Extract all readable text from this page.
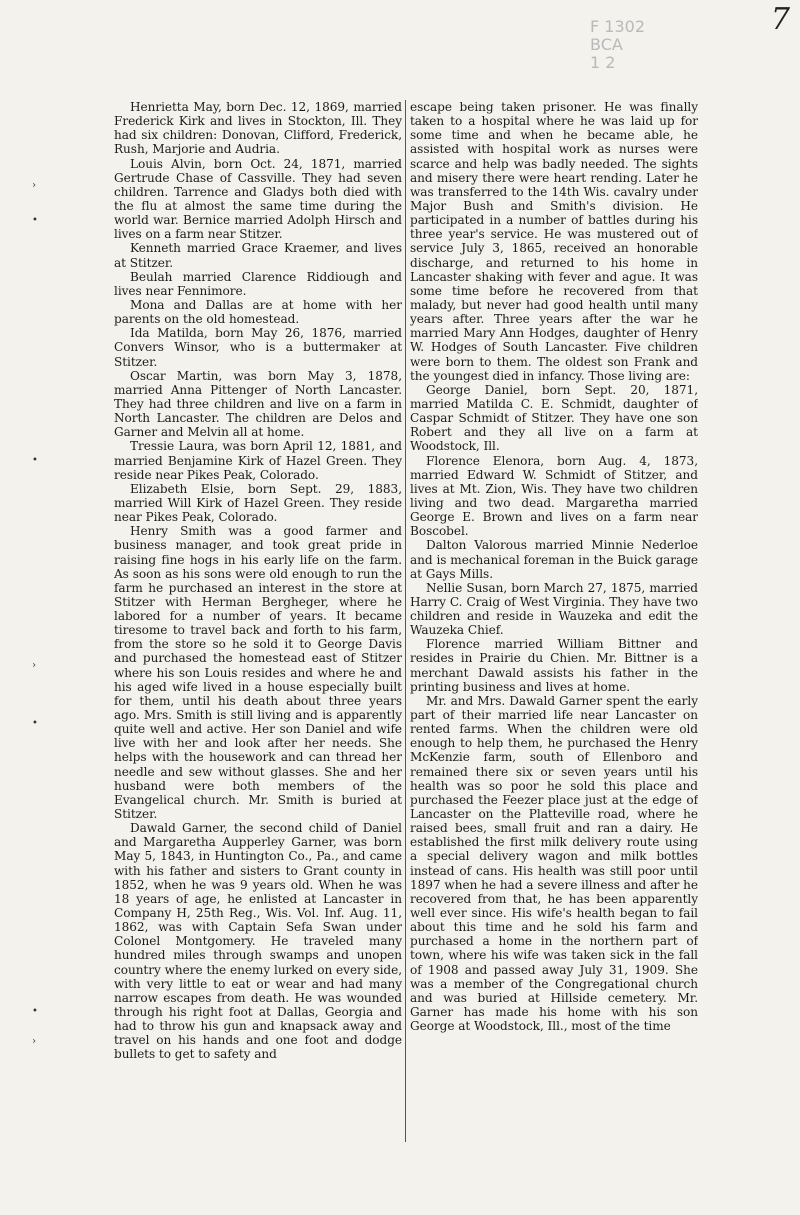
7
F 1302
BCA
1 2
›
•
•
›
•
•
›

Henrietta May, born Dec. 12, 1869, married Frederick Kirk and lives in Stockton, Ill. They had six children: Donovan, Clifford, Frederick, Rush, Marjorie and Audria.

Louis Alvin, born Oct. 24, 1871, married Gertrude Chase of Cassville. They had seven children. Tarrence and Gladys both died with the flu at almost the same time during the world war. Bernice married Adolph Hirsch and lives on a farm near Stitzer.

Kenneth married Grace Kraemer, and lives at Stitzer.

Beulah married Clarence Riddiough and lives near Fennimore.

Mona and Dallas are at home with her parents on the old homestead.

Ida Matilda, born May 26, 1876, married Convers Winsor, who is a buttermaker at Stitzer.

Oscar Martin, was born May 3, 1878, married Anna Pittenger of North Lancaster. They had three children and live on a farm in North Lancaster. The children are Delos and Garner and Melvin all at home.

Tressie Laura, was born April 12, 1881, and married Benjamine Kirk of Hazel Green. They reside near Pikes Peak, Colorado.

Elizabeth Elsie, born Sept. 29, 1883, married Will Kirk of Hazel Green. They reside near Pikes Peak, Colorado.

Henry Smith was a good farmer and business manager, and took great pride in raising fine hogs in his early life on the farm. As soon as his sons were old enough to run the farm he purchased an interest in the store at Stitzer with Herman Bergheger, where he labored for a number of years. It became tiresome to travel back and forth to his farm, from the store so he sold it to George Davis and purchased the homestead east of Stitzer where his son Louis resides and where he and his aged wife lived in a house especially built for them, until his death about three years ago. Mrs. Smith is still living and is apparently quite well and active. Her son Daniel and wife live with her and look after her needs. She helps with the housework and can thread her needle and sew without glasses. She and her husband were both members of the Evangelical church. Mr. Smith is buried at Stitzer.

Dawald Garner, the second child of Daniel and Margaretha Aupperley Garner, was born May 5, 1843, in Huntington Co., Pa., and came with his father and sisters to Grant county in 1852, when he was 9 years old. When he was 18 years of age, he enlisted at Lancaster in Company H, 25th Reg., Wis. Vol. Inf. Aug. 11, 1862, was with Captain Sefa Swan under Colonel Montgomery. He traveled many hundred miles through swamps and unopen country where the enemy lurked on every side, with very little to eat or wear and had many narrow escapes from death. He was wounded through his right foot at Dallas, Georgia and had to throw his gun and knapsack away and travel on his hands and one foot and dodge bullets to get to safety and

escape being taken prisoner. He was finally taken to a hospital where he was laid up for some time and when he became able, he assisted with hospital work as nurses were scarce and help was badly needed. The sights and misery there were heart rending. Later he was transferred to the 14th Wis. cavalry under Major Bush and Smith's division. He participated in a number of battles during his three year's service. He was mustered out of service July 3, 1865, received an honorable discharge, and returned to his home in Lancaster shaking with fever and ague. It was some time before he recovered from that malady, but never had good health until many years after. Three years after the war he married Mary Ann Hodges, daughter of Henry W. Hodges of South Lancaster. Five children were born to them. The oldest son Frank and the youngest died in infancy. Those living are:

George Daniel, born Sept. 20, 1871, married Matilda C. E. Schmidt, daughter of Caspar Schmidt of Stitzer. They have one son Robert and they all live on a farm at Woodstock, Ill.

Florence Elenora, born Aug. 4, 1873, married Edward W. Schmidt of Stitzer, and lives at Mt. Zion, Wis. They have two children living and two dead. Margaretha married George E. Brown and lives on a farm near Boscobel.

Dalton Valorous married Minnie Nederloe and is mechanical foreman in the Buick garage at Gays Mills.

Nellie Susan, born March 27, 1875, married Harry C. Craig of West Virginia. They have two children and reside in Wauzeka and edit the Wauzeka Chief.

Florence married William Bittner and resides in Prairie du Chien. Mr. Bittner is a merchant Dawald assists his father in the printing business and lives at home.

Mr. and Mrs. Dawald Garner spent the early part of their married life near Lancaster on rented farms. When the children were old enough to help them, he purchased the Henry McKenzie farm, south of Ellenboro and remained there six or seven years until his health was so poor he sold this place and purchased the Feezer place just at the edge of Lancaster on the Platteville road, where he raised bees, small fruit and ran a dairy. He established the first milk delivery route using a special delivery wagon and milk bottles instead of cans. His health was still poor until 1897 when he had a severe illness and after he recovered from that, he has been apparently well ever since. His wife's health began to fail about this time and he sold his farm and purchased a home in the northern part of town, where his wife was taken sick in the fall of 1908 and passed away July 31, 1909. She was a member of the Congregational church and was buried at Hillside cemetery. Mr. Garner has made his home with his son George at Woodstock, Ill., most of the time
